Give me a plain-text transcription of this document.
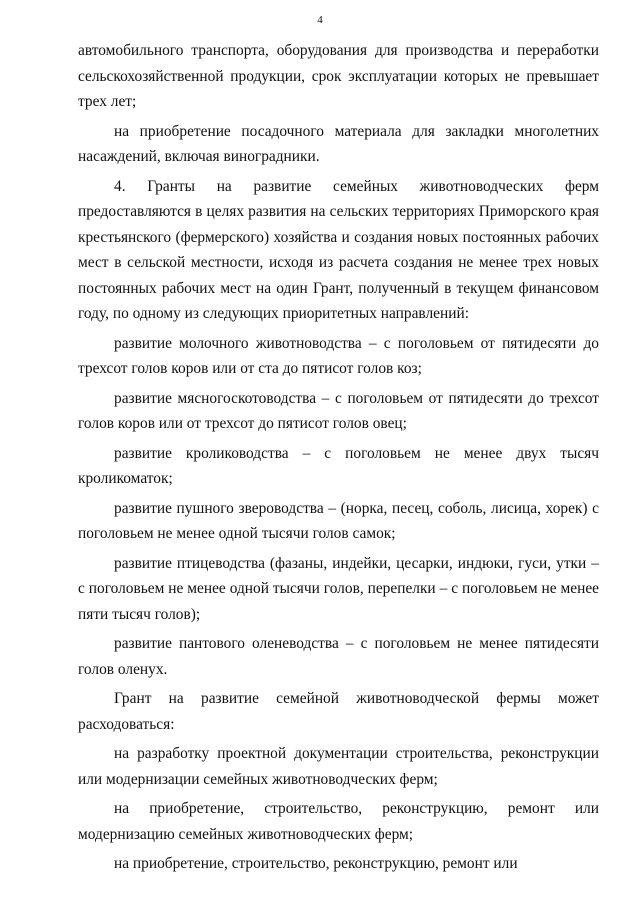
4

автомобильного транспорта, оборудования для производства и переработки сельскохозяйственной продукции, срок эксплуатации которых не превышает трех лет;

на приобретение посадочного материала для закладки многолетних насаждений, включая виноградники.

4. Гранты на развитие семейных животноводческих ферм предоставляются в целях развития на сельских территориях Приморского края крестьянского (фермерского) хозяйства и создания новых постоянных рабочих мест в сельской местности, исходя из расчета создания не менее трех новых постоянных рабочих мест на один Грант, полученный в текущем финансовом году, по одному из следующих приоритетных направлений:

развитие молочного животноводства – с поголовьем от пятидесяти до трехсот голов коров или от ста до пятисот голов коз;

развитие мясногоскотоводства – с поголовьем от пятидесяти до трехсот голов коров или от трехсот до пятисот голов овец;

развитие кролиководства – с поголовьем не менее двух тысяч кроликоматок;

развитие пушного звероводства – (норка, песец, соболь, лисица, хорек) с поголовьем не менее одной тысячи голов самок;

развитие птицеводства (фазаны, индейки, цесарки, индюки, гуси, утки – с поголовьем не менее одной тысячи голов, перепелки – с поголовьем не менее пяти тысяч голов);

развитие пантового оленеводства – с поголовьем не менее пятидесяти голов оленух.

Грант на развитие семейной животноводческой фермы может расходоваться:

на разработку проектной документации строительства, реконструкции или модернизации семейных животноводческих ферм;

на приобретение, строительство, реконструкцию, ремонт или модернизацию семейных животноводческих ферм;

на приобретение, строительство, реконструкцию, ремонт или
